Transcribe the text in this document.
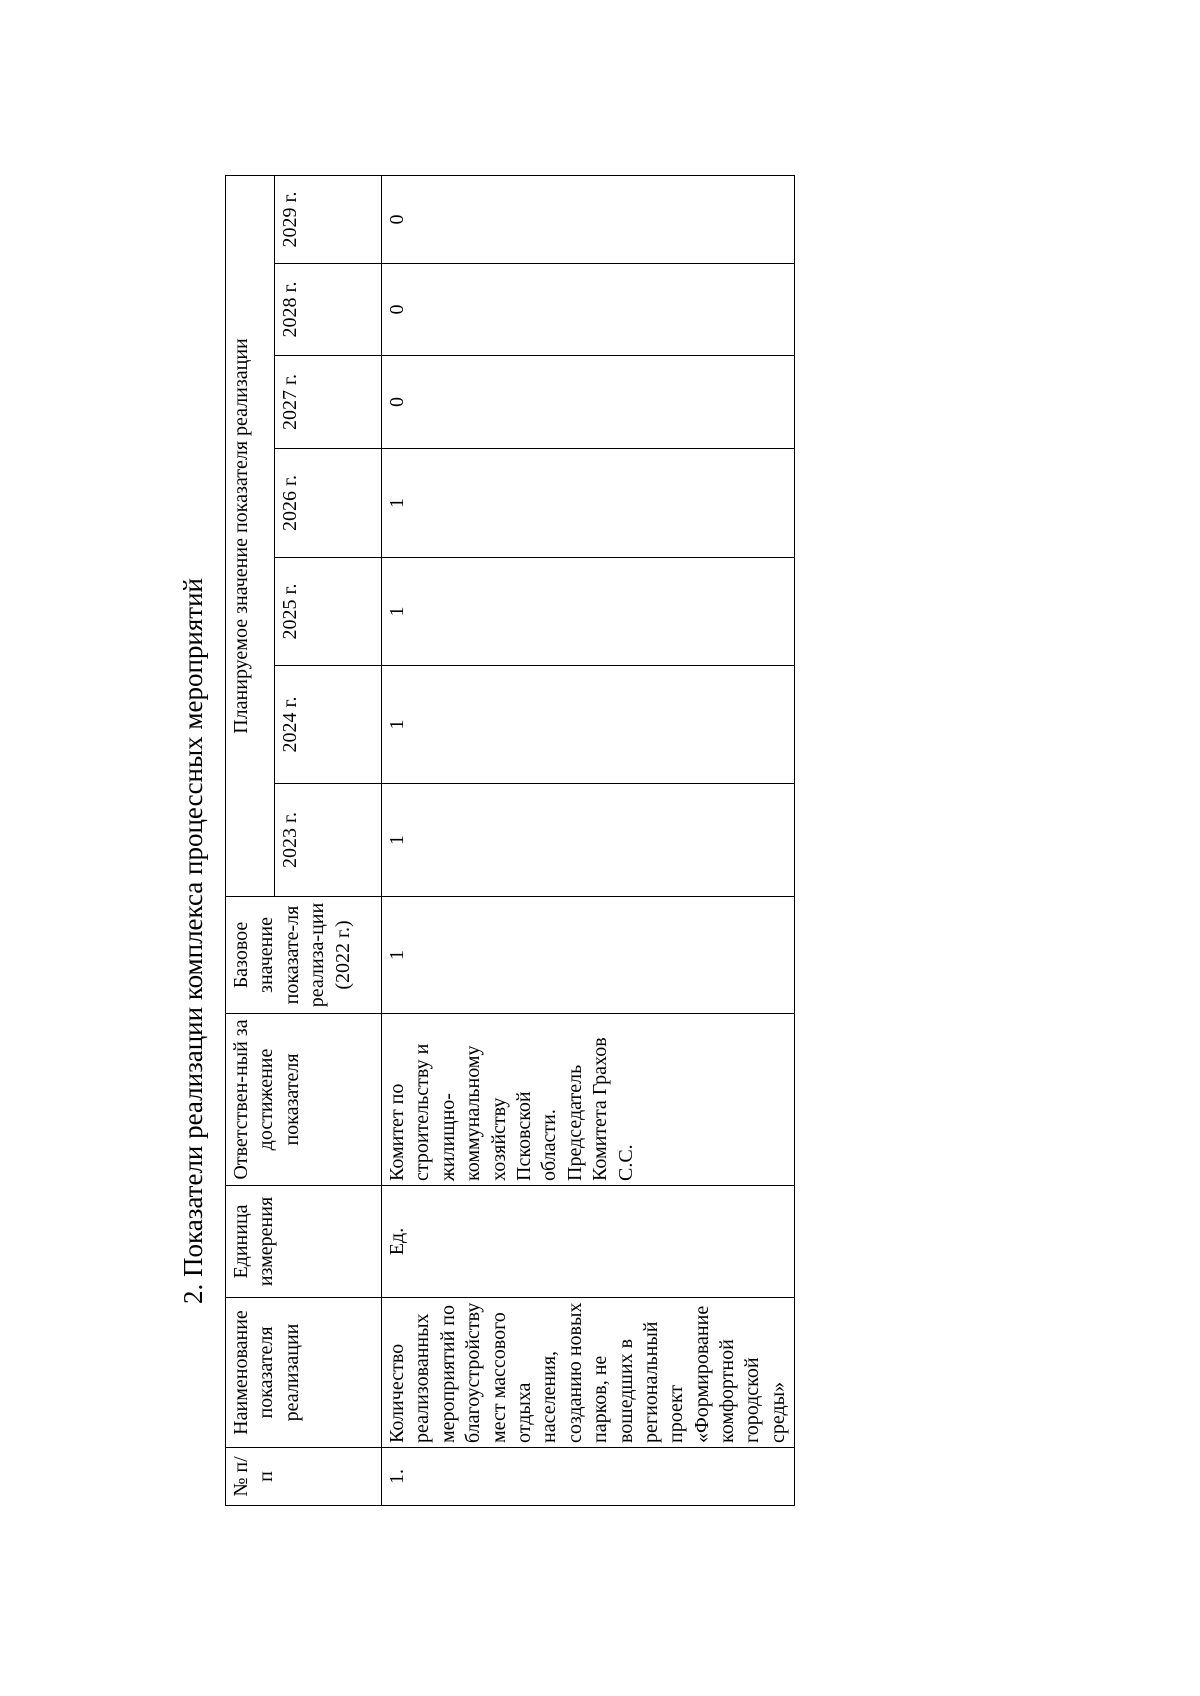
2. Показатели реализации комплекса процессных мероприятий
№ п/п	Наименование показателя реализации	Единица измерения	Ответствен-ный за достижение показателя	Базовое значение показате-ля реализа-ции (2022 г.)	Планируемое значение показателя реализации						
					2023 г.	2024 г.	2025 г.	2026 г.	2027 г.	2028 г.	2029 г.
1.	Количество реализованных мероприятий по благоустройству мест массового отдыха населения, созданию новых парков, не вошедших в региональный проект «Формирование комфортной городской среды»	Ед.	Комитет по строительству и жилищно-коммунальному хозяйству Псковской области. Председатель Комитета Грахов С.С.	1	1	1	1	1	0	0	0
